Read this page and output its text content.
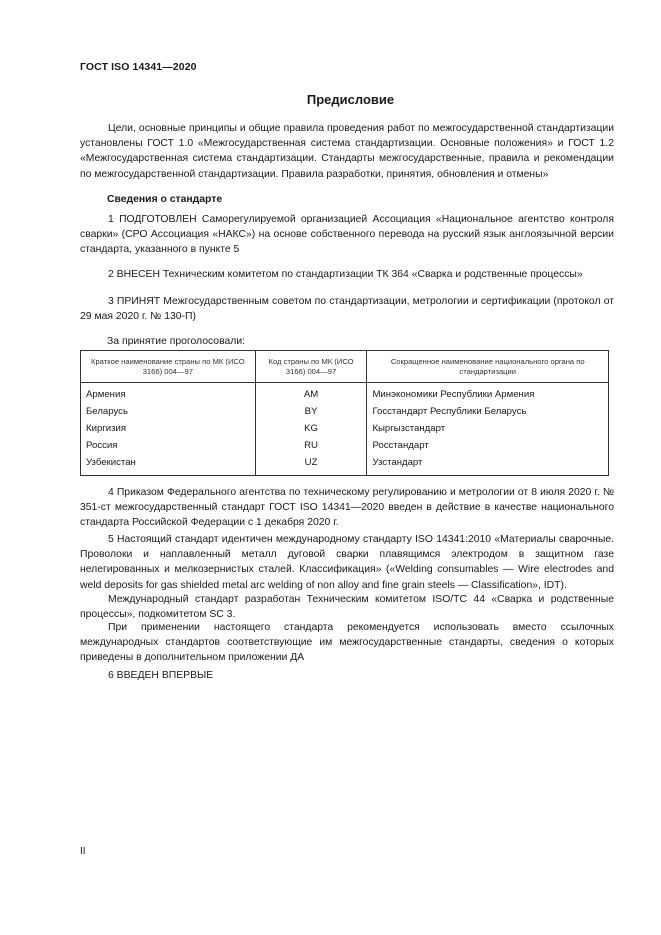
ГОСТ ISO 14341—2020
Предисловие

Цели, основные принципы и общие правила проведения работ по межгосударственной стандартизации установлены ГОСТ 1.0 «Межгосударственная система стандартизации. Основные положения» и ГОСТ 1.2 «Межгосударственная система стандартизации. Стандарты межгосударственные, правила и рекомендации по межгосударственной стандартизации. Правила разработки, принятия, обновления и отмены»

Сведения о стандарте

1 ПОДГОТОВЛЕН Саморегулируемой организацией Ассоциация «Национальное агентство контроля сварки» (СРО Ассоциация «НАКС») на основе собственного перевода на русский язык англоязычной версии стандарта, указанного в пункте 5

2 ВНЕСЕН Техническим комитетом по стандартизации ТК 364 «Сварка и родственные процессы»

3 ПРИНЯТ Межгосударственным советом по стандартизации, метрологии и сертификации (протокол от 29 мая 2020 г. № 130-П)

За принятие проголосовали:
Краткое наименование страны по МК (ИСО 3166) 004—97	Код страны по МК (ИСО 3166) 004—97	Сокращенное наименование национального органа по стандартизации
Армения	AM	Минэкономики Республики Армения
Беларусь	BY	Госстандарт Республики Беларусь
Киргизия	KG	Кыргызстандарт
Россия	RU	Росстандарт
Узбекистан	UZ	Узстандарт

4 Приказом Федерального агентства по техническому регулированию и метрологии от 8 июля 2020 г. № 351-ст межгосударственный стандарт ГОСТ ISO 14341—2020 введен в действие в качестве национального стандарта Российской Федерации с 1 декабря 2020 г.

5 Настоящий стандарт идентичен международному стандарту ISO 14341:2010 «Материалы сварочные. Проволоки и наплавленный металл дуговой сварки плавящимся электродом в защитном газе нелегированных и мелкозернистых сталей. Классификация» («Welding consumables — Wire electrodes and weld deposits for gas shielded metal arc welding of non alloy and fine grain steels — Classification», IDT).

Международный стандарт разработан Техническим комитетом ISO/TC 44 «Сварка и родственные процессы», подкомитетом SC 3.

При применении настоящего стандарта рекомендуется использовать вместо ссылочных международных стандартов соответствующие им межгосударственные стандарты, сведения о которых приведены в дополнительном приложении ДА

6 ВВЕДЕН ВПЕРВЫЕ

II
